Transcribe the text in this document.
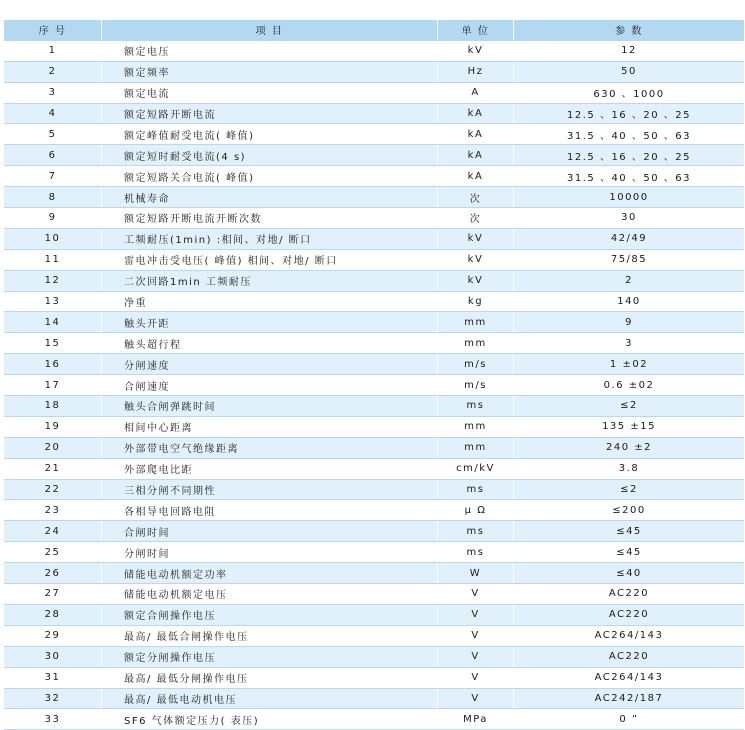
序 号	项 目	单 位	参 数
1	额定电压	kV	12
2	额定频率	Hz	50
3	额定电流	A	630 、1000
4	额定短路开断电流	kA	12.5 、16 、20 、25
5	额定峰值耐受电流( 峰值)	kA	31.5 、40 、50 、63
6	额定短时耐受电流(4 s)	kA	12.5 、16 、20 、25
7	额定短路关合电流( 峰值)	kA	31.5 、40 、50 、63
8	机械寿命	次	10000
9	额定短路开断电流开断次数	次	30
10	工频耐压(1min) :相间、对地/ 断口	kV	42/49
11	雷电冲击受电压( 峰值) 相间、对地/ 断口	kV	75/85
12	二次回路1min 工频耐压	kV	2
13	净重	kg	140
14	触头开距	mm	9
15	触头超行程	mm	3
16	分闸速度	m/s	1 ±02
17	合闸速度	m/s	0.6 ±02
18	触头合闸弹跳时间	ms	≤2
19	相间中心距离	mm	135 ±15
20	外部带电空气绝缘距离	mm	240 ±2
21	外部爬电比距	cm/kV	3.8
22	三相分闸不同期性	ms	≤2
23	各相导电回路电阻	μ Ω	≤200
24	合闸时间	ms	≤45
25	分闸时间	ms	≤45
26	储能电动机额定功率	W	≤40
27	储能电动机额定电压	V	AC220
28	额定合闸操作电压	V	AC220
29	最高/ 最低合闸操作电压	V	AC264/143
30	额定分闸操作电压	V	AC220
31	最高/ 最低分闸操作电压	V	AC264/143
32	最高/ 最低电动机电压	V	AC242/187
33	SF6 气体额定压力( 表压)	MPa	0 ”
